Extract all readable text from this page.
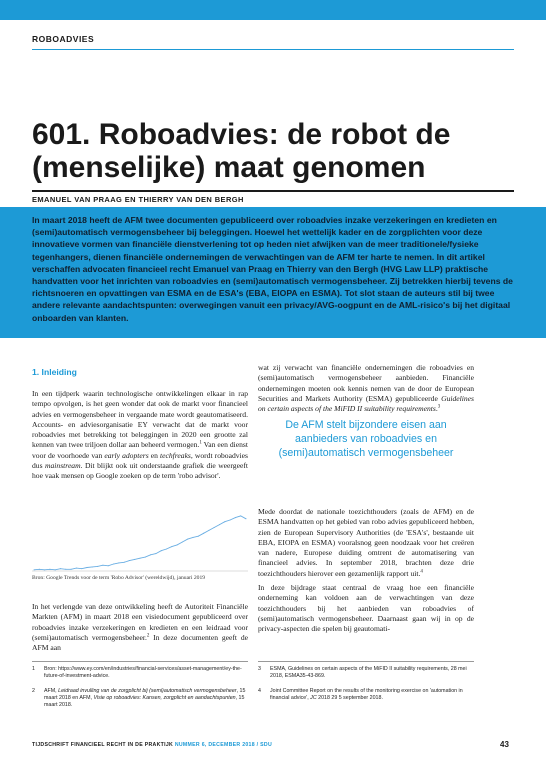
ROBOADVIES
601. Roboadvies: de robot de (menselijke) maat genomen
EMANUEL VAN PRAAG EN THIERRY VAN DEN BERGH

In maart 2018 heeft de AFM twee documenten gepubliceerd over roboadvies inzake verzekeringen en kredieten en (semi)automatisch vermogensbeheer bij beleggingen. Hoewel het wettelijk kader en de zorgplichten voor deze innovatieve vormen van financiële dienstverlening tot op heden niet afwijken van de meer traditionele/fysieke tegenhangers, dienen financiële ondernemingen de verwachtingen van de AFM ter harte te nemen. In dit artikel verschaffen advocaten financieel recht Emanuel van Praag en Thierry van den Bergh (HVG Law LLP) praktische handvatten voor het inrichten van roboadvies en (semi)automatisch vermogensbeheer. Zij betrekken hierbij tevens de richtsnoeren en opvattingen van ESMA en de ESA's (EBA, EIOPA en ESMA). Tot slot staan de auteurs stil bij twee andere relevante aandachtspunten: overwegingen vanuit een privacy/AVG-oogpunt en de AML-risico's bij het digitaal onboarden van klanten.

1. Inleiding
In een tijdperk waarin technologische ontwikkelingen elkaar in rap tempo opvolgen, is het geen wonder dat ook de markt voor financieel advies en vermogensbeheer in vergaande mate wordt geautomatiseerd. Accounts- en adviesorganisatie EY verwacht dat de markt voor roboadvies met betrekking tot beleggingen in 2020 een grootte zal kennen van twee triljoen dollar aan beheerd vermogen.$^1$ Van een dienst voor de voorhoede van early adopters en techfreaks, wordt roboadvies dus mainstream. Dit blijkt ook uit onderstaande grafiek die weergeeft hoe vaak mensen op Google zoeken op de term 'robo advisor'.
Bron: Google Trends voor de term 'Robo Advisor' (wereldwijd), januari 2019
In het verlengde van deze ontwikkeling heeft de Autoriteit Financiële Markten (AFM) in maart 2018 een visiedocument gepubliceerd over roboadvies inzake verzekeringen en kredieten en een leidraad voor (semi)automatisch vermogensbeheer.$^2$ In deze documenten geeft de AFM aan
wat zij verwacht van financiële ondernemingen die roboadvies en (semi)automatisch vermogensbeheer aanbieden. Financiële ondernemingen moeten ook kennis nemen van de door de European Securities and Markets Authority (ESMA) gepubliceerde Guidelines on certain aspects of the MiFID II suitability requirements.$^3$
De AFM stelt bijzondere eisen aan aanbieders van roboadvies en (semi)automatisch vermogensbeheer
Mede doordat de nationale toezichthouders (zoals de AFM) en de ESMA handvatten op het gebied van robo advies gepubliceerd hebben, zien de European Supervisory Authorities (de 'ESA's', bestaande uit EBA, EIOPA en ESMA) vooralsnog geen noodzaak voor het creëren van nadere, Europese duiding omtrent de automatisering van financieel advies. In september 2018, brachten deze drie toezichthouders hierover een gezamenlijk rapport uit.$^4$
In deze bijdrage staat centraal de vraag hoe een financiële onderneming kan voldoen aan de verwachtingen van deze toezichthouders bij het aanbieden van roboadvies of (semi)automatisch vermogensbeheer. Daarnaast gaan wij in op de privacy-aspecten die spelen bij geautomati-
1 Bron: https://www.ey.com/en/industries/financial-services/asset-management/ey-the-future-of-investment-advice.
2 AFM, Leidraad invulling van de zorgplicht bij (semi)automatisch vermogensbeheer, 15 maart 2018 en AFM, Visie op roboadvies: Kansen, zorgplicht en aandachtspunten, 15 maart 2018.
3 ESMA, Guidelines on certain aspects of the MiFID II suitability requirements, 28 mei 2018, ESMA35-43-869.
4 Joint Committee Report on the results of the monitoring exercise on 'automation in financial advice', JC 2018 29 5 september 2018.
TIJDSCHRIFT FINANCIEEL RECHT IN DE PRAKTIJK NUMMER 6, DECEMBER 2018 / SDU	43
